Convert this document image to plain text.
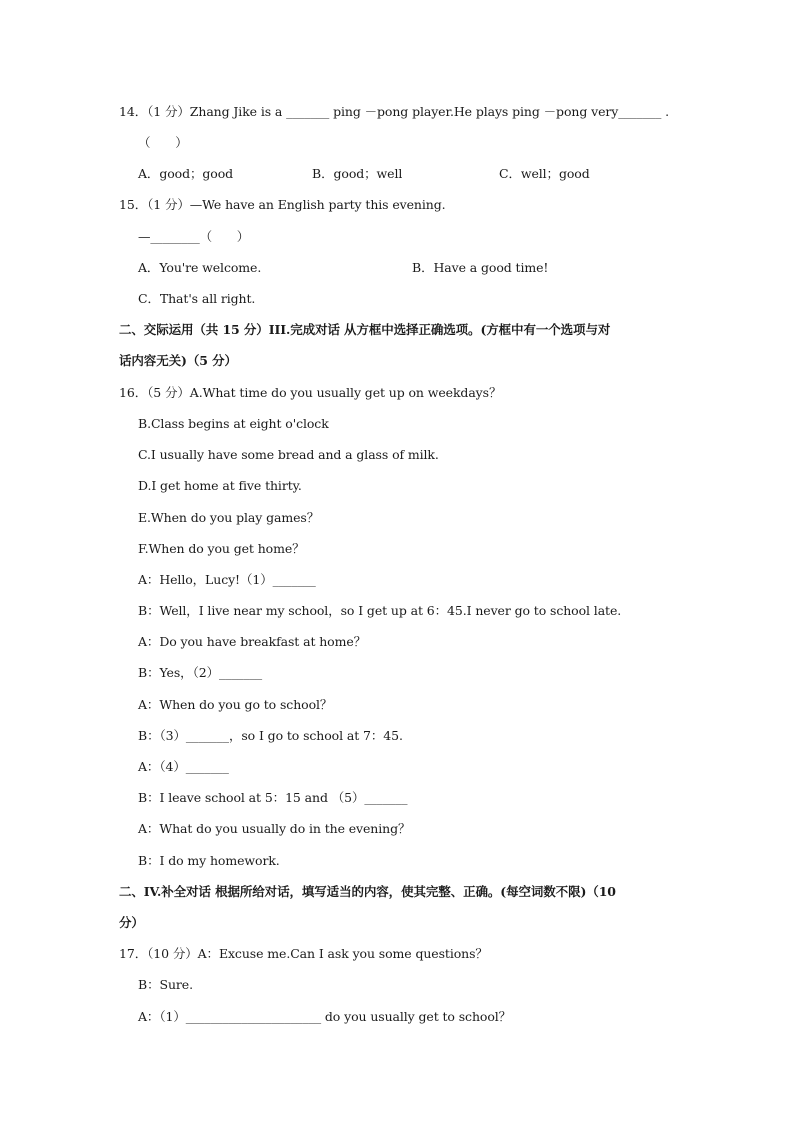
14．（1 分）Zhang Jike is a _______ ping －pong player.He plays ping －pong very_______ .
（　　）
A．good；good	B．good；well	C．well；good
15．（1 分）—We have an English party this evening.
—________（　　）
A．You're welcome.	B．Have a good time!
C．That's all right.
二、交际运用（共 15 分）III.完成对话 从方框中选择正确选项。(方框中有一个选项与对
话内容无关)（5 分）
16．（5 分）A.What time do you usually get up on weekdays？
B.Class begins at eight o'clock
C.I usually have some bread and a glass of milk.
D.I get home at five thirty.
E.When do you play games？
F.When do you get home？
A：Hello，Lucy!（1）_______
B：Well，I live near my school，so I get up at 6：45.I never go to school late.
A：Do you have breakfast at home？
B：Yes，（2）_______
A：When do you go to school？
B：（3）_______，so I go to school at 7：45.
A：（4）_______
B：I leave school at 5：15 and （5）_______
A：What do you usually do in the evening？
B：I do my homework.
二、IV.补全对话 根据所给对话，填写适当的内容，使其完整、正确。(每空词数不限)（10
分）
17．（10 分）A：Excuse me.Can I ask you some questions？
B：Sure.
A：（1）______________________ do you usually get to school？
